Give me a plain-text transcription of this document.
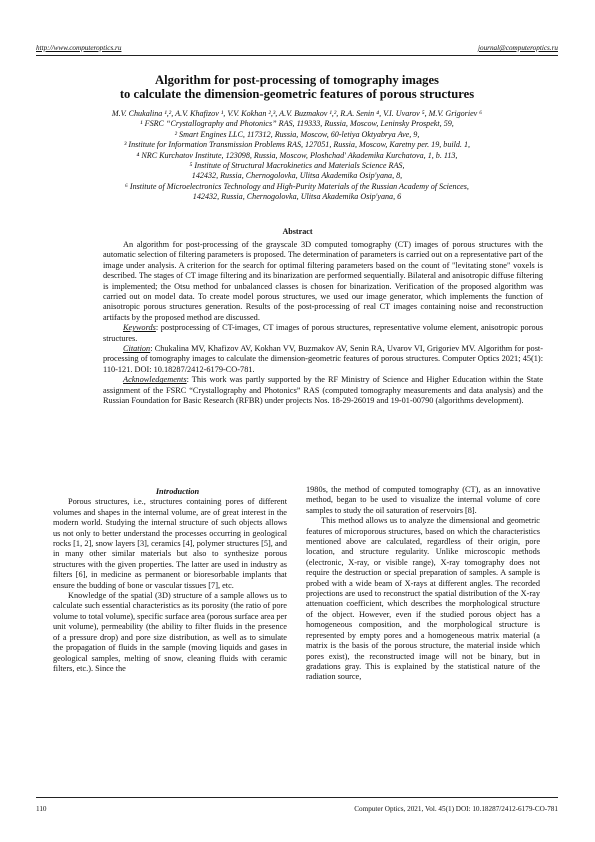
http://www.computeroptics.ru	journal@computeroptics.ru
Algorithm for post-processing of tomography images
to calculate the dimension-geometric features of porous structures
M.V. Chukalina ¹,², A.V. Khafizov ¹, V.V. Kokhan ²,³, A.V. Buzmakov ¹,², R.A. Senin ⁴, V.I. Uvarov ⁵, M.V. Grigoriev ⁶
¹ FSRC “Crystallography and Photonics” RAS, 119333, Russia, Moscow, Leninsky Prospekt, 59,
² Smart Engines LLC, 117312, Russia, Moscow, 60-letiya Oktyabrya Ave, 9,
³ Institute for Information Transmission Problems RAS, 127051, Russia, Moscow, Karetny per. 19, build. 1,
⁴ NRC Kurchatov Institute, 123098, Russia, Moscow, Ploshchad' Akademika Kurchatova, 1, b. 113,
⁵ Institute of Structural Macrokinetics and Materials Science RAS,
142432, Russia, Chernogolovka, Ulitsa Akademika Osip'yana, 8,
⁶ Institute of Microelectronics Technology and High-Purity Materials of the Russian Academy of Sciences,
142432, Russia, Chernogolovka, Ulitsa Akademika Osip'yana, 6
Abstract

An algorithm for post-processing of the grayscale 3D computed tomography (CT) images of porous structures with the automatic selection of filtering parameters is proposed. The determination of parameters is carried out on a representative part of the image under analysis. A criterion for the search for optimal filtering parameters based on the count of "levitating stone" voxels is described. The stages of CT image filtering and its binarization are performed sequentially. Bilateral and anisotropic diffuse filtering is implemented; the Otsu method for unbalanced classes is chosen for binarization. Verification of the proposed algorithm was carried out on model data. To create model porous structures, we used our image generator, which implements the function of anisotropic porous structures generation. Results of the post-processing of real CT images containing noise and reconstruction artifacts by the proposed method are discussed.

Keywords: postprocessing of CT-images, CT images of porous structures, representative volume element, anisotropic porous structures.

Citation: Chukalina MV, Khafizov AV, Kokhan VV, Buzmakov AV, Senin RA, Uvarov VI, Grigoriev MV. Algorithm for post-processing of tomography images to calculate the dimension-geometric features of porous structures. Computer Optics 2021; 45(1): 110-121. DOI: 10.18287/2412-6179-CO-781.

Acknowledgements: This work was partly supported by the RF Ministry of Science and Higher Education within the State assignment of the FSRC “Crystallography and Photonics” RAS (computed tomography measurements and data analysis) and the Russian Foundation for Basic Research (RFBR) under projects Nos. 18-29-26019 and 19-01-00790 (algorithms development).

Introduction

Porous structures, i.e., structures containing pores of different volumes and shapes in the internal volume, are of great interest in the modern world. Studying the internal structure of such objects allows us not only to better understand the processes occurring in geological rocks [1, 2], snow layers [3], ceramics [4], polymer structures [5], and in many other similar materials but also to synthesize porous structures with the given properties. The latter are used in industry as filters [6], in medicine as permanent or bioresorbable implants that ensure the budding of bone or vascular tissues [7], etc.

Knowledge of the spatial (3D) structure of a sample allows us to calculate such essential characteristics as its porosity (the ratio of pore volume to total volume), specific surface area (porous surface area per unit volume), permeability (the ability to filter fluids in the presence of a pressure drop) and pore size distribution, as well as to simulate the propagation of fluids in the sample (moving liquids and gases in geological samples, melting of snow, cleaning fluids with ceramic filters, etc.). Since the

1980s, the method of computed tomography (CT), as an innovative method, began to be used to visualize the internal volume of core samples to study the oil saturation of reservoirs [8].

This method allows us to analyze the dimensional and geometric features of microporous structures, based on which the characteristics mentioned above are calculated, regardless of their origin, pore location, and structure regularity. Unlike microscopic methods (electronic, X-ray, or visible range), X-ray tomography does not require the destruction or special preparation of samples. A sample is probed with a wide beam of X-rays at different angles. The recorded projections are used to reconstruct the spatial distribution of the X-ray attenuation coefficient, which describes the morphological structure of the object. However, even if the studied porous object has a homogeneous composition, and the morphological structure is represented by empty pores and a homogeneous matrix material (a matrix is the basis of the porous structure, the material inside which pores exist), the reconstructed image will not be binary, but in gradations gray. This is explained by the statistical nature of the radiation source,

110	Computer Optics, 2021, Vol. 45(1) DOI: 10.18287/2412-6179-CO-781
